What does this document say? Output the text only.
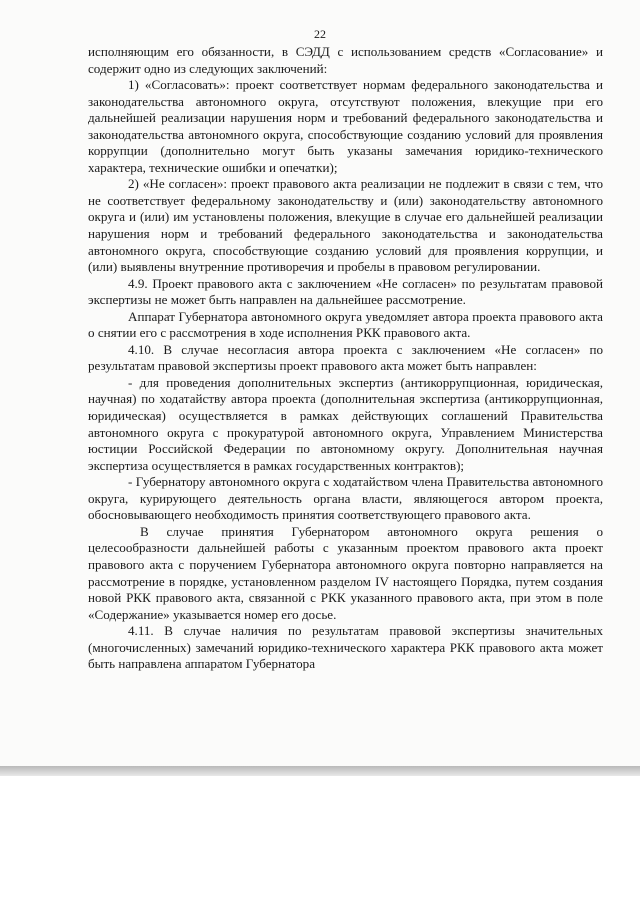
22

исполняющим его обязанности, в СЭДД с использованием средств «Согласование» и содержит одно из следующих заключений:

1) «Согласовать»: проект соответствует нормам федерального законодательства и законодательства автономного округа, отсутствуют положения, влекущие при его дальнейшей реализации нарушения норм и требований федерального законодательства и законодательства автономного округа, способствующие созданию условий для проявления коррупции (дополнительно могут быть указаны замечания юридико-технического характера, технические ошибки и опечатки);

2) «Не согласен»: проект правового акта реализации не подлежит в связи с тем, что не соответствует федеральному законодательству и (или) законодательству автономного округа и (или) им установлены положения, влекущие в случае его дальнейшей реализации нарушения норм и требований федерального законодательства и законодательства автономного округа, способствующие созданию условий для проявления коррупции, и (или) выявлены внутренние противоречия и пробелы в правовом регулировании.

4.9. Проект правового акта с заключением «Не согласен» по результатам правовой экспертизы не может быть направлен на дальнейшее рассмотрение.

Аппарат Губернатора автономного округа уведомляет автора проекта правового акта о снятии его с рассмотрения в ходе исполнения РКК правового акта.

4.10. В случае несогласия автора проекта с заключением «Не согласен» по результатам правовой экспертизы проект правового акта может быть направлен:

- для проведения дополнительных экспертиз (антикоррупционная, юридическая, научная) по ходатайству автора проекта (дополнительная экспертиза (антикоррупционная, юридическая) осуществляется в рамках действующих соглашений Правительства автономного округа с прокуратурой автономного округа, Управлением Министерства юстиции Российской Федерации по автономному округу. Дополнительная научная экспертиза осуществляется в рамках государственных контрактов);

- Губернатору автономного округа с ходатайством члена Правительства автономного округа, курирующего деятельность органа власти, являющегося автором проекта, обосновывающего необходимость принятия соответствующего правового акта.

В случае принятия Губернатором автономного округа решения о целесообразности дальнейшей работы с указанным проектом правового акта проект правового акта с поручением Губернатора автономного округа повторно направляется на рассмотрение в порядке, установленном разделом IV настоящего Порядка, путем создания новой РКК правового акта, связанной с РКК указанного правового акта, при этом в поле «Содержание» указывается номер его досье.

4.11. В случае наличия по результатам правовой экспертизы значительных (многочисленных) замечаний юридико-технического характера РКК правового акта может быть направлена аппаратом Губернатора
